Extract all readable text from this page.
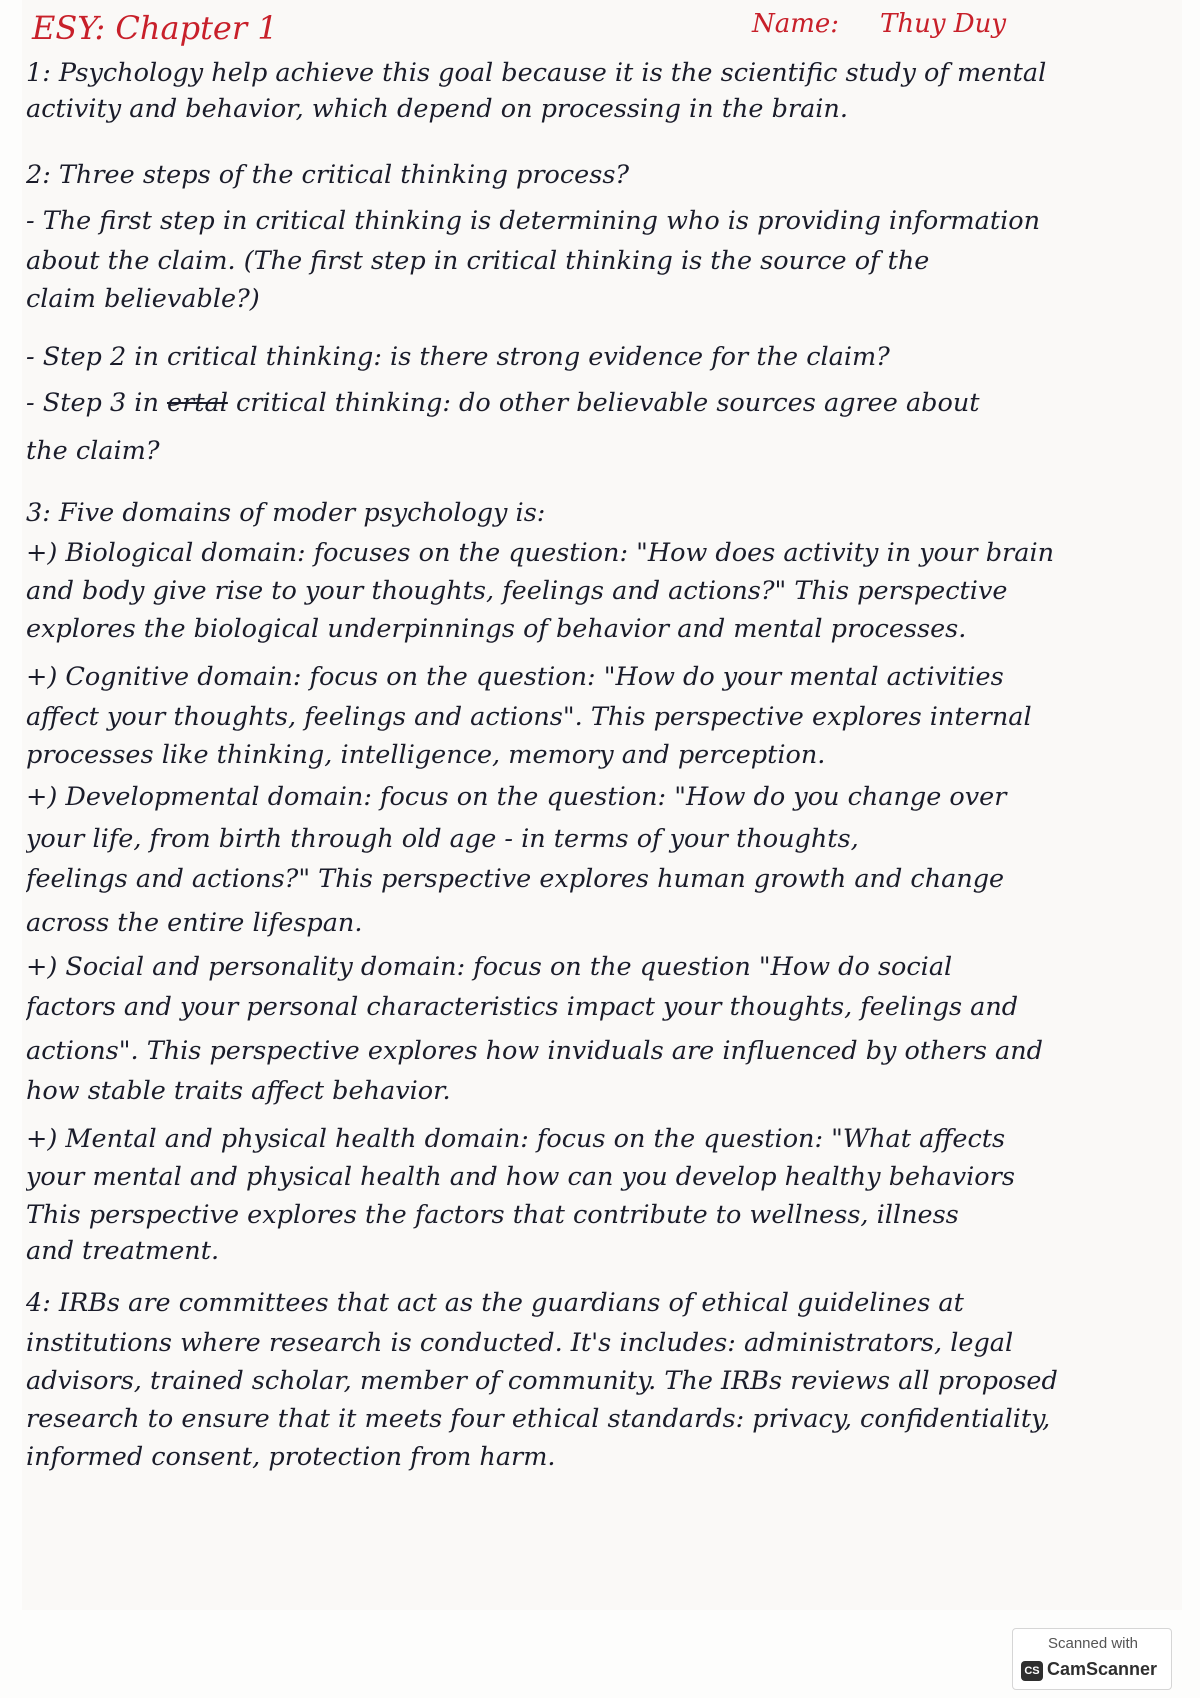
ESY: Chapter 1	Name: Thuy Duy
1: Psychology help achieve this goal because it is the scientific study of mental
activity and behavior, which depend on processing in the brain.
2: Three steps of the critical thinking process?
- The first step in critical thinking is determining who is providing information
about the claim. (The first step in critical thinking is the source of the
claim believable?)
- Step 2 in critical thinking: is there strong evidence for the claim?
- Step 3 in ertal critical thinking: do other believable sources agree about
the claim?
3: Five domains of moder psychology is:
+) Biological domain: focuses on the question: "How does activity in your brain
and body give rise to your thoughts, feelings and actions?" This perspective
explores the biological underpinnings of behavior and mental processes.
+) Cognitive domain: focus on the question: "How do your mental activities
affect your thoughts, feelings and actions". This perspective explores internal
processes like thinking, intelligence, memory and perception.
+) Developmental domain: focus on the question: "How do you change over
your life, from birth through old age - in terms of your thoughts,
feelings and actions?" This perspective explores human growth and change
across the entire lifespan.
+) Social and personality domain: focus on the question "How do social
factors and your personal characteristics impact your thoughts, feelings and
actions". This perspective explores how inviduals are influenced by others and
how stable traits affect behavior.
+) Mental and physical health domain: focus on the question: "What affects
your mental and physical health and how can you develop healthy behaviors
This perspective explores the factors that contribute to wellness, illness
and treatment.
4: IRBs are committees that act as the guardians of ethical guidelines at
institutions where research is conducted. It's includes: administrators, legal
advisors, trained scholar, member of community. The IRBs reviews all proposed
research to ensure that it meets four ethical standards: privacy, confidentiality,
informed consent, protection from harm.
Scanned with
CS CamScanner
